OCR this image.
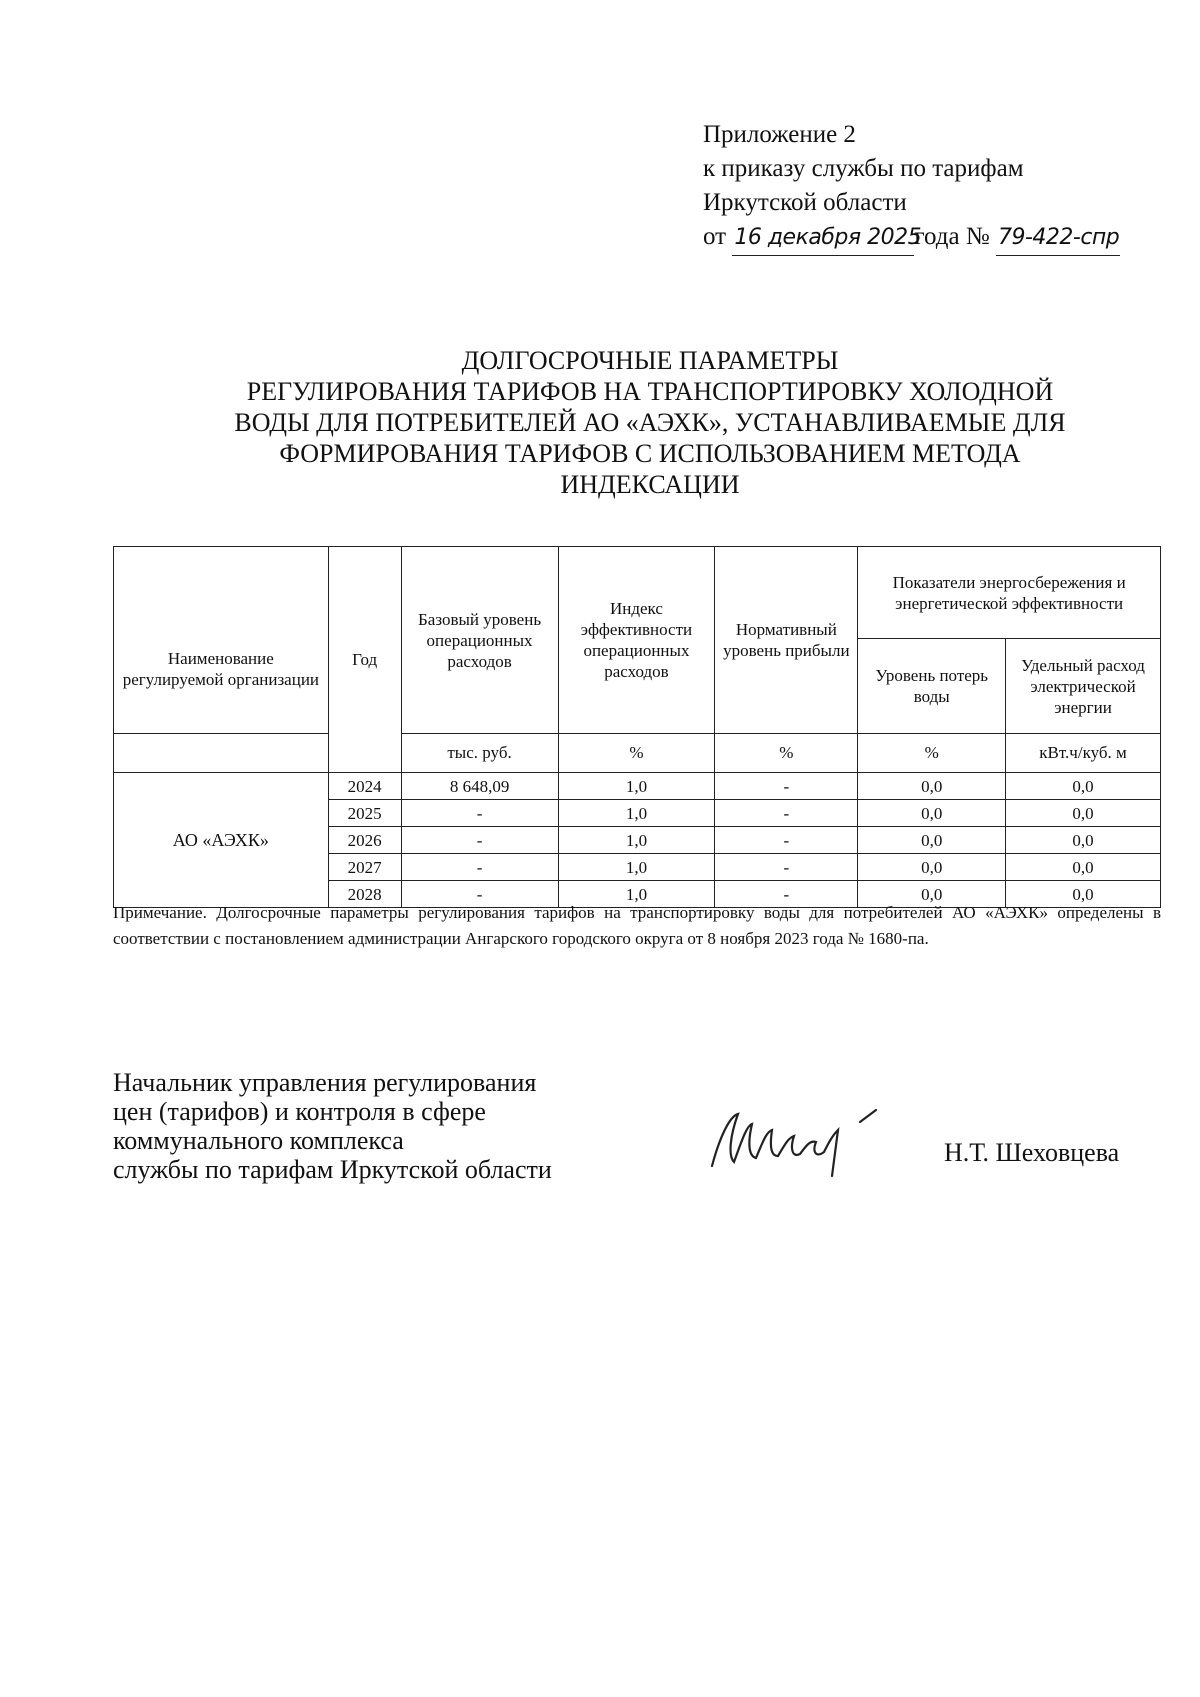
Приложение 2
к приказу службы по тарифам
Иркутской области
от 16 декабря 2025года № 79-422-спр
ДОЛГОСРОЧНЫЕ ПАРАМЕТРЫ
РЕГУЛИРОВАНИЯ ТАРИФОВ НА ТРАНСПОРТИРОВКУ ХОЛОДНОЙ
ВОДЫ ДЛЯ ПОТРЕБИТЕЛЕЙ АО «АЭХК», УСТАНАВЛИВАЕМЫЕ ДЛЯ
ФОРМИРОВАНИЯ ТАРИФОВ С ИСПОЛЬЗОВАНИЕМ МЕТОДА
ИНДЕКСАЦИИ
Наименование регулируемой организации	Год	Базовый уровень операционных расходов	Индекс эффективности операционных расходов	Нормативный уровень прибыли	Показатели энергосбережения и энергетической эффективности	
					Уровень потерь воды	Удельный расход электрической энергии
		тыс. руб.	%	%	%	кВт.ч/куб. м
АО «АЭХК»	2024	8 648,09	1,0	-	0,0	0,0
	2025	-	1,0	-	0,0	0,0
	2026	-	1,0	-	0,0	0,0
	2027	-	1,0	-	0,0	0,0
	2028	-	1,0	-	0,0	0,0
Примечание. Долгосрочные параметры регулирования тарифов на транспортировку воды для потребителей АО «АЭХК» определены в соответствии с постановлением администрации Ангарского городского округа от 8 ноября 2023 года № 1680-па.
Начальник управления регулирования
цен (тарифов) и контроля в сфере
коммунального комплекса
службы по тарифам Иркутской области
Н.Т. Шеховцева
